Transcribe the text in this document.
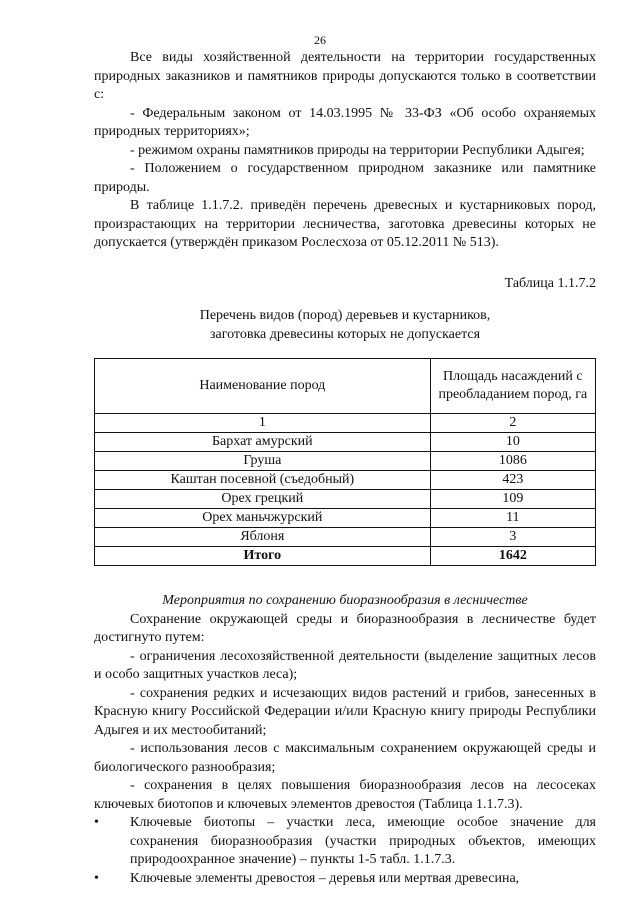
26

Все виды хозяйственной деятельности на территории государственных природных заказников и памятников природы допускаются только в соответствии с:

- Федеральным законом от 14.03.1995 № 33-ФЗ «Об особо охраняемых природных территориях»;

- режимом охраны памятников природы на территории Республики Адыгея;

- Положением о государственном природном заказнике или памятнике природы.

В таблице 1.1.7.2. приведён перечень древесных и кустарниковых пород, произрастающих на территории лесничества, заготовка древесины которых не допускается (утверждён приказом Рослесхоза от 05.12.2011 № 513).

Таблица 1.1.7.2

Перечень видов (пород) деревьев и кустарников,

заготовка древесины которых не допускается

Наименование пород	Площадь насаждений с преобладанием пород, га
1	2
Бархат амурский	10
Груша	1086
Каштан посевной (съедобный)	423
Орех грецкий	109
Орех маньчжурский	11
Яблоня	3
Итого	1642

Мероприятия по сохранению биоразнообразия в лесничестве

Сохранение окружающей среды и биоразнообразия в лесничестве будет достигнуто путем:

- ограничения лесохозяйственной деятельности (выделение защитных лесов и особо защитных участков леса);

- сохранения редких и исчезающих видов растений и грибов, занесенных в Красную книгу Российской Федерации и/или Красную книгу природы Республики Адыгея и их местообитаний;

- использования лесов с максимальным сохранением окружающей среды и биологического разнообразия;

- сохранения в целях повышения биоразнообразия лесов на лесосеках ключевых биотопов и ключевых элементов древостоя (Таблица 1.1.7.3).

•	Ключевые биотопы – участки леса, имеющие особое значение для сохранения биоразнообразия (участки природных объектов, имеющих природоохранное значение) – пункты 1-5 табл. 1.1.7.3.
•	Ключевые элементы древостоя – деревья или мертвая древесина,
